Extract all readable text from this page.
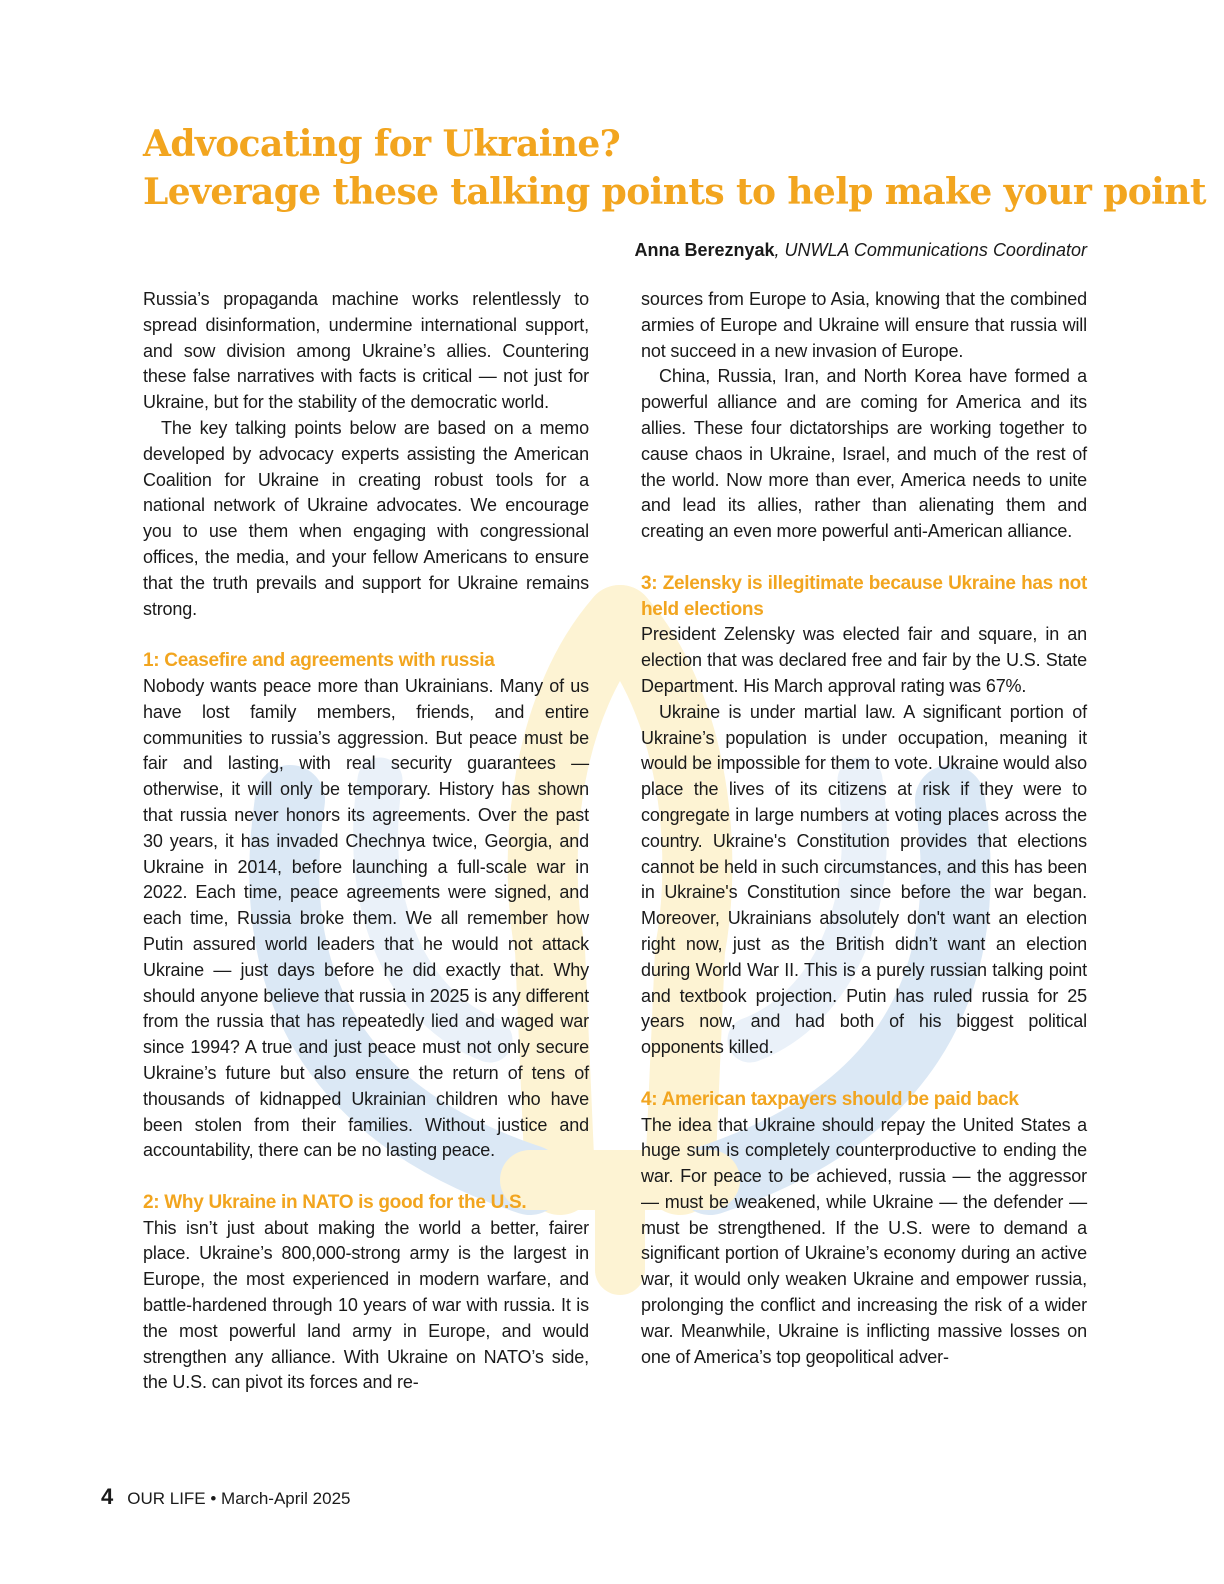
Advocating for Ukraine?
Leverage these talking points to help make your point
Anna Bereznyak, UNWLA Communications Coordinator

Russia’s propaganda machine works relentlessly to spread disinformation, undermine international support, and sow division among Ukraine’s allies. Countering these false narratives with facts is critical — not just for Ukraine, but for the stability of the democratic world.

The key talking points below are based on a memo developed by advocacy experts assisting the American Coalition for Ukraine in creating robust tools for a national network of Ukraine advocates. We encourage you to use them when engaging with congressional offices, the media, and your fellow Americans to ensure that the truth prevails and support for Ukraine remains strong.

1: Ceasefire and agreements with russia

Nobody wants peace more than Ukrainians. Many of us have lost family members, friends, and entire communities to russia’s aggression. But peace must be fair and lasting, with real security guarantees — otherwise, it will only be temporary. History has shown that russia never honors its agreements. Over the past 30 years, it has invaded Chechnya twice, Georgia, and Ukraine in 2014, before launching a full-scale war in 2022. Each time, peace agreements were signed, and each time, Russia broke them. We all remember how Putin assured world leaders that he would not attack Ukraine — just days before he did exactly that. Why should anyone believe that russia in 2025 is any different from the russia that has repeatedly lied and waged war since 1994? A true and just peace must not only secure Ukraine’s future but also ensure the return of tens of thousands of kidnapped Ukrainian children who have been stolen from their families. Without justice and accountability, there can be no lasting peace.

2: Why Ukraine in NATO is good for the U.S.

This isn’t just about making the world a better, fairer place. Ukraine’s 800,000-strong army is the largest in Europe, the most experienced in modern warfare, and battle-hardened through 10 years of war with russia. It is the most powerful land army in Europe, and would strengthen any alliance. With Ukraine on NATO’s side, the U.S. can pivot its forces and re-

sources from Europe to Asia, knowing that the combined armies of Europe and Ukraine will ensure that russia will not succeed in a new invasion of Europe.

China, Russia, Iran, and North Korea have formed a powerful alliance and are coming for America and its allies. These four dictatorships are working together to cause chaos in Ukraine, Israel, and much of the rest of the world. Now more than ever, America needs to unite and lead its allies, rather than alienating them and creating an even more powerful anti-American alliance.

3: Zelensky is illegitimate because Ukraine has not held elections

President Zelensky was elected fair and square, in an election that was declared free and fair by the U.S. State Department. His March approval rating was 67%.

Ukraine is under martial law. A significant portion of Ukraine’s population is under occupation, meaning it would be impossible for them to vote. Ukraine would also place the lives of its citizens at risk if they were to congregate in large numbers at voting places across the country. Ukraine's Constitution provides that elections cannot be held in such circumstances, and this has been in Ukraine's Constitution since before the war began. Moreover, Ukrainians absolutely don't want an election right now, just as the British didn’t want an election during World War II. This is a purely russian talking point and textbook projection. Putin has ruled russia for 25 years now, and had both of his biggest political opponents killed.

4: American taxpayers should be paid back

The idea that Ukraine should repay the United States a huge sum is completely counterproductive to ending the war. For peace to be achieved, russia — the aggressor — must be weakened, while Ukraine — the defender — must be strengthened. If the U.S. were to demand a significant portion of Ukraine’s economy during an active war, it would only weaken Ukraine and empower russia, prolonging the conflict and increasing the risk of a wider war. Meanwhile, Ukraine is inflicting massive losses on one of America’s top geopolitical adver-

4 OUR LIFE • March-April 2025
